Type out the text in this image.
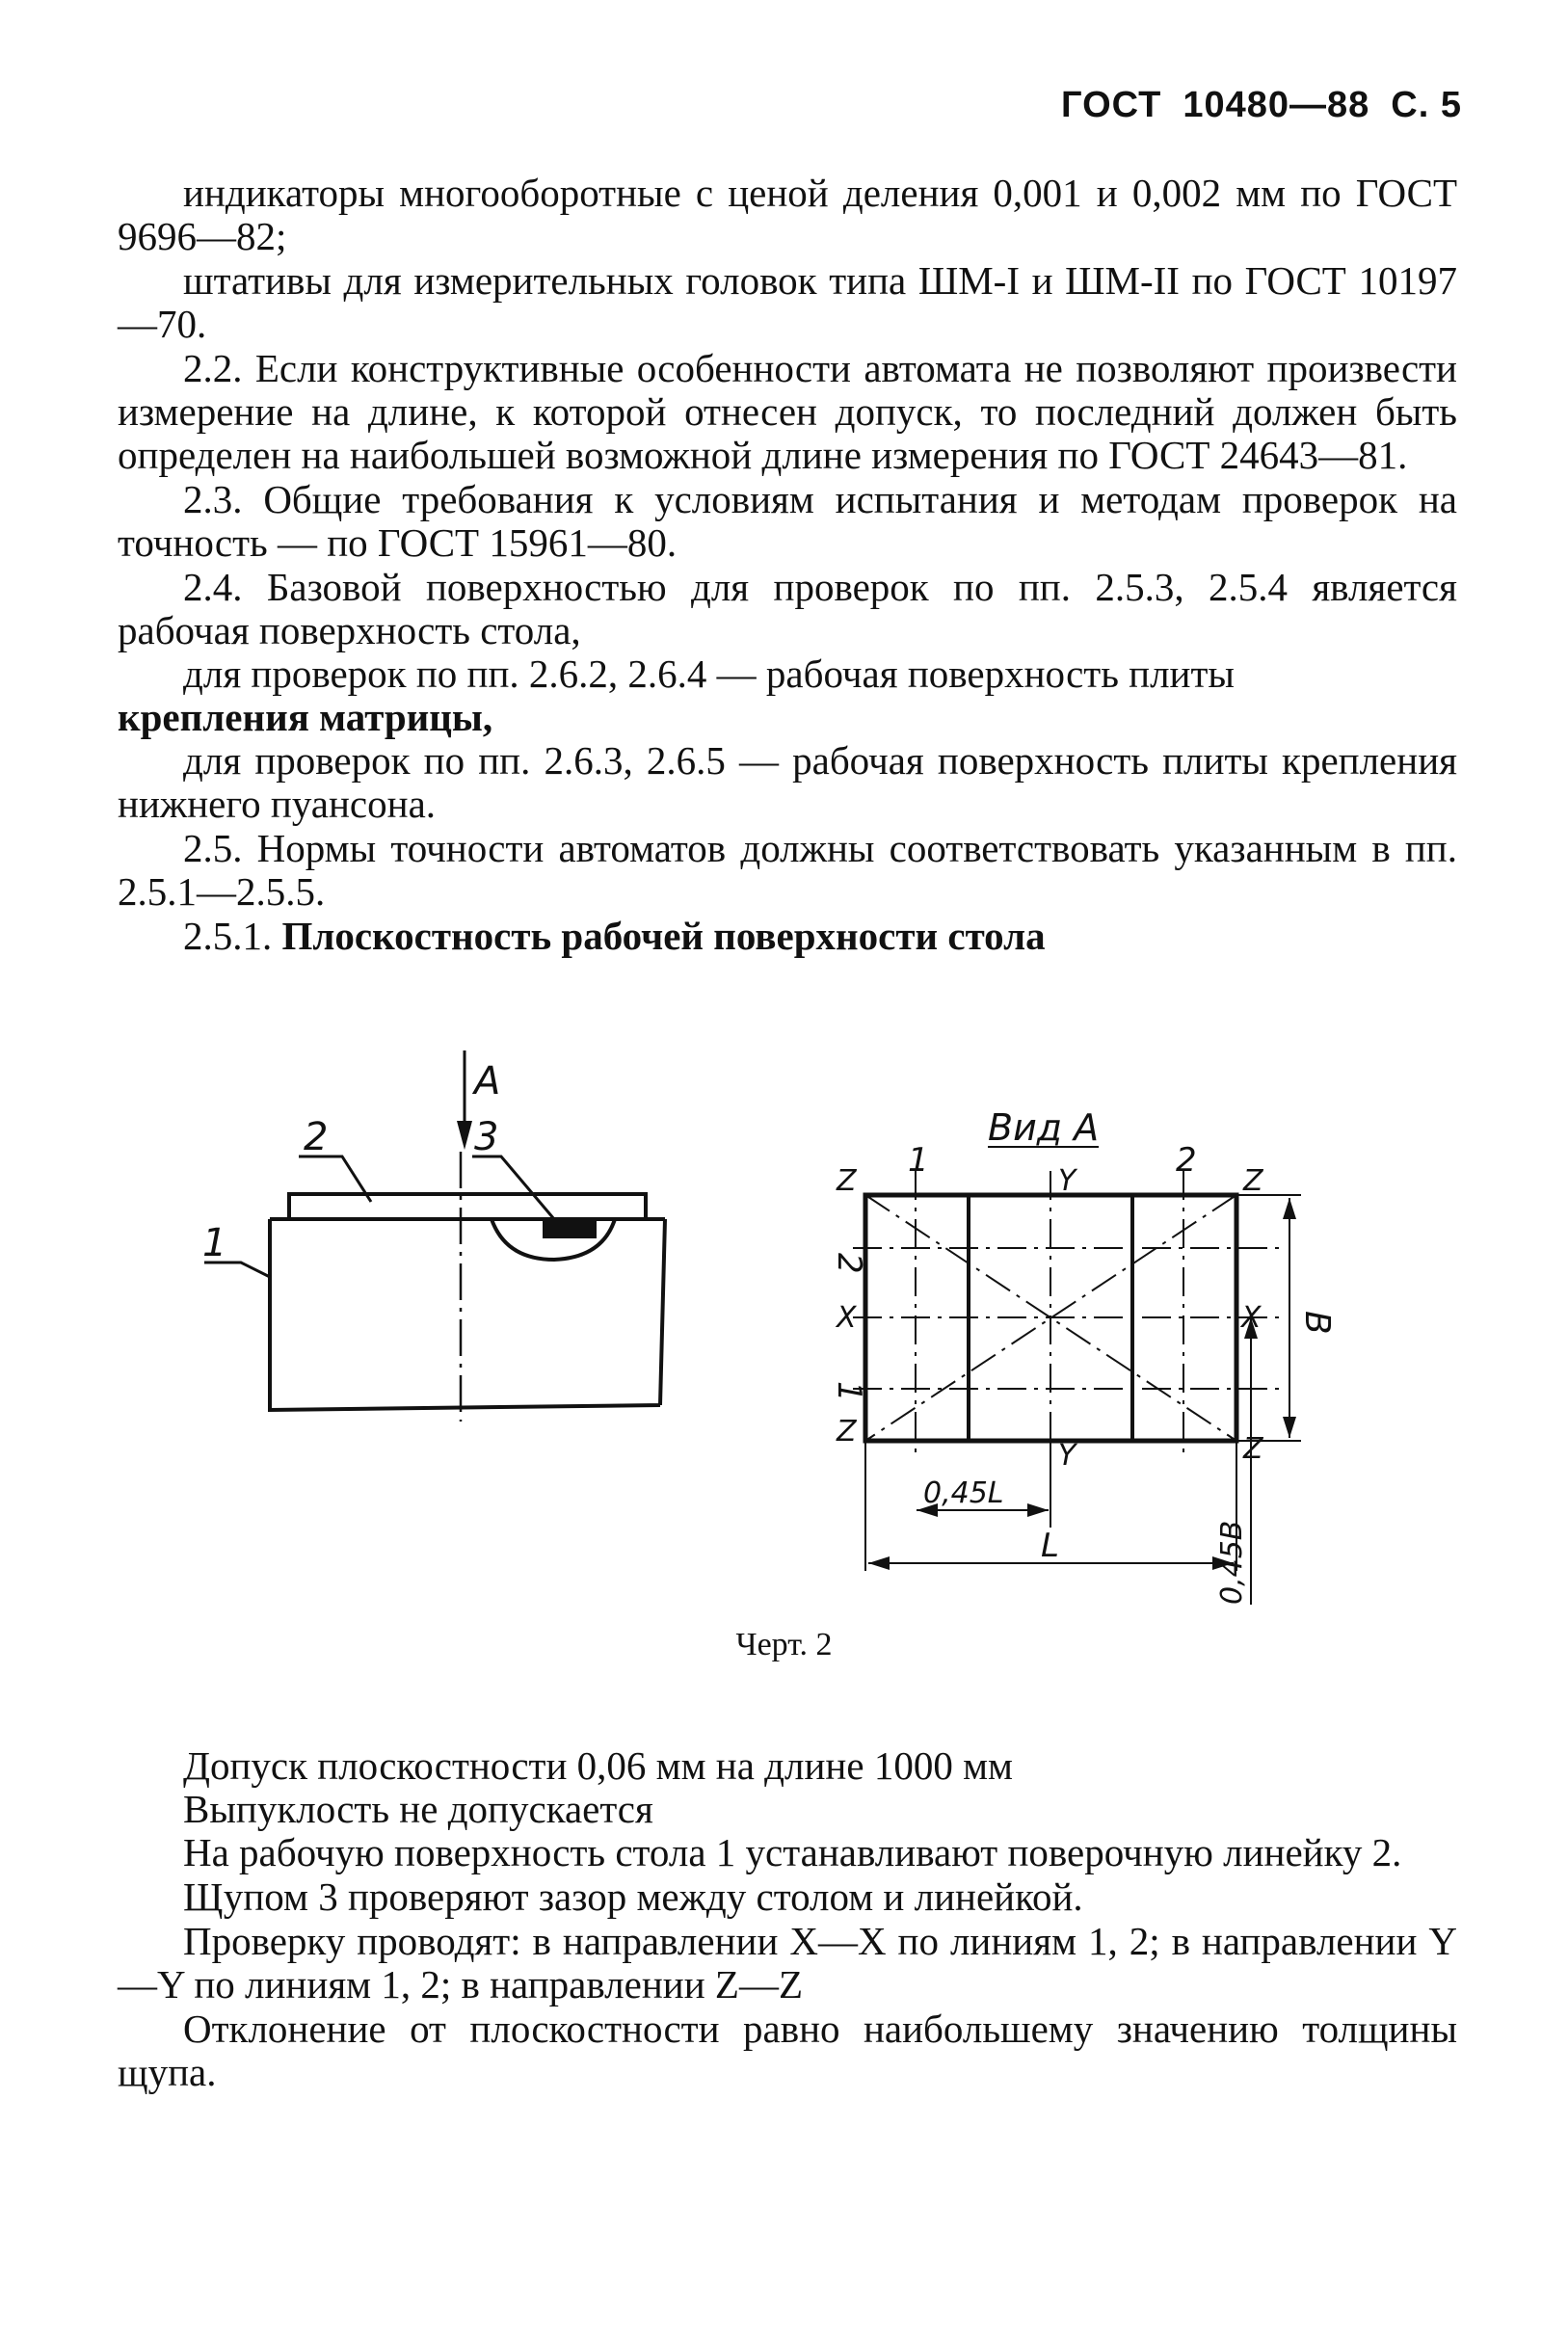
ГОСТ 10480—88 С. 5

индикаторы многооборотные с ценой деления 0,001 и 0,002 мм по ГОСТ 9696—82;

штативы для измерительных головок типа ШМ-I и ШМ-II по ГОСТ 10197—70.

2.2. Если конструктивные особенности автомата не позволяют произвести измерение на длине, к которой отнесен допуск, то последний должен быть определен на наибольшей возможной длине измерения по ГОСТ 24643—81.

2.3. Общие требования к условиям испытания и методам проверок на точность — по ГОСТ 15961—80.

2.4. Базовой поверхностью для проверок по пп. 2.5.3, 2.5.4 является рабочая поверхность стола,

для проверок по пп. 2.6.2, 2.6.4 — рабочая поверхность плиты

крепления матрицы,

для проверок по пп. 2.6.3, 2.6.5 — рабочая поверхность плиты крепления нижнего пуансона.

2.5. Нормы точности автоматов должны соответствовать указанным в пп. 2.5.1—2.5.5.

2.5.1. Плоскостность рабочей поверхности стола

A
2	3
1
Вид A
1	2
Z	Z
Z
Z
Y
Y
X	X
2
1
B
0,45L
L	0,45B
Черт. 2

Допуск плоскостности 0,06 мм на длине 1000 мм

Выпуклость не допускается

На рабочую поверхность стола 1 устанавливают поверочную линейку 2.

Щупом 3 проверяют зазор между столом и линейкой.

Проверку проводят: в направлении X—X по линиям 1, 2; в направлении Y—Y по линиям 1, 2; в направлении Z—Z

Отклонение от плоскостности равно наибольшему значению толщины щупа.
